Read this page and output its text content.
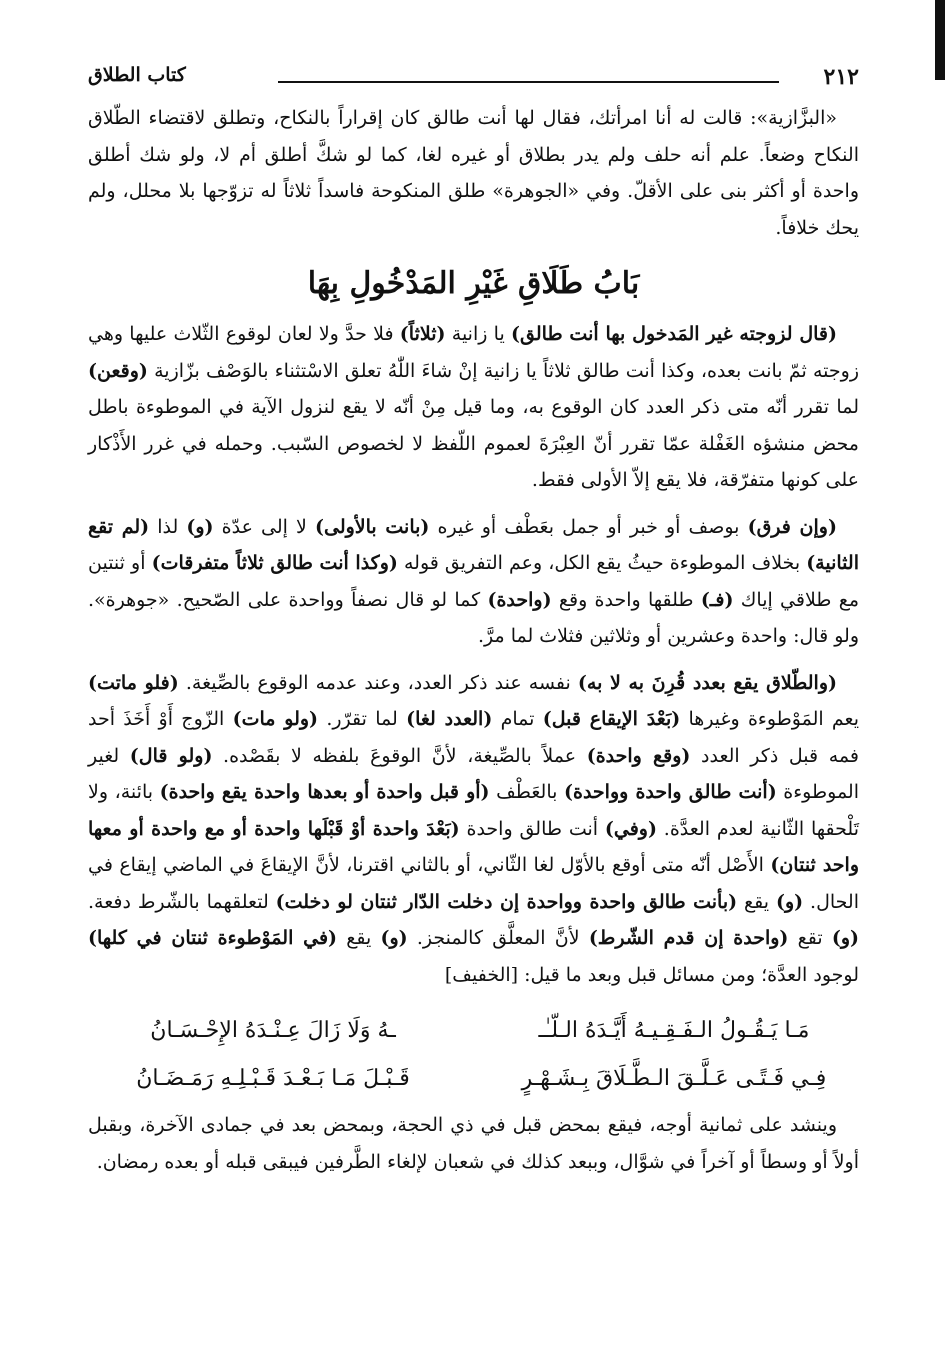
٢١٢
كتاب الطلاق

«البزَّازية»: قالت له أنا امرأتك، فقال لها أنت طالق كان إقراراً بالنكاح، وتطلق لاقتضاء الطّلاق النكاح وضعاً. علم أنه حلف ولم يدر بطلاق أو غيره لغا، كما لو شكَّ أطلق أم لا، ولو شك أطلق واحدة أو أكثر بنى على الأقلّ. وفي «الجوهرة» طلق المنكوحة فاسداً ثلاثاً له تزوّجها بلا محلل، ولم يحك خلافاً.

بَابُ طَلَاقِ غَيْرِ المَدْخُولِ بِهَا

(قال لزوجته غير المَدخول بها أنت طالق) يا زانية (ثلاثاً) فلا حدَّ ولا لعان لوقوع الثّلاث عليها وهي زوجته ثمّ بانت بعده، وكذا أنت طالق ثلاثاً يا زانية إنْ شاءَ اللّٰهُ تعلق الاسْتثناء بالوَصْف بزّازية (وقعن) لما تقرر أنّه متى ذكر العدد كان الوقوع به، وما قيل مِنْ أنّه لا يقع لنزول الآية في الموطوءة باطل محض منشؤه الغَفْلة عمّا تقرر أنّ العِبْرَةَ لعموم اللّفظ لا لخصوص السّبب. وحمله في غرر الأَذْكار على كونها متفرّقة، فلا يقع إلاّ الأولى فقط.

(وإن فرق) بوصف أو خبر أو جمل بعَطْف أو غيره (بانت بالأولى) لا إلى عدّة (و) لذا (لم تقع الثانية) بخلاف الموطوءة حيثُ يقع الكل، وعم التفريق قوله (وكذا أنت طالق ثلاثاً متفرقات) أو ثنتين مع طلاقي إياك (فـ) طلقها واحدة وقع (واحدة) كما لو قال نصفاً وواحدة على الصّحيح. «جوهرة». ولو قال: واحدة وعشرين أو وثلاثين فثلاث لما مرَّ.

(والطّلاق يقع بعدد قُرِنَ به لا به) نفسه عند ذكر العدد، وعند عدمه الوقوع بالصِّيغة. (فلو ماتت) يعم المَوْطوءة وغيرها (بَعْدَ الإيقاع قبل) تمام (العدد لغا) لما تقرّر. (ولو مات) الزّوج أَوْ أَخَذَ أحد فمه قبل ذكر العدد (وقع واحدة) عملاً بالصِّيغة، لأنَّ الوقوعَ بلفظه لا بقَصْده. (ولو قال) لغير الموطوءة (أنت طالق واحدة وواحدة) بالعَطْف (أو قبل واحدة أو بعدها واحدة يقع واحدة) بائنة، ولا تَلْحقها الثّانية لعدم العدَّة. (وفي) أنت طالق واحدة (بَعْدَ واحدة أوْ قَبْلَها واحدة أو مع واحدة أو معها واحد ثنتان) الأَصْل أنّه متى أوقع بالأوّل لغا الثّاني، أو بالثاني اقترنا، لأنَّ الإيقاعَ في الماضي إيقاع في الحال. (و) يقع (بأنت طالق واحدة وواحدة إن دخلت الدّار ثنتان لو دخلت) لتعلقهما بالشّرط دفعة. (و) تقع (واحدة إن قدم الشّرط) لأنَّ المعلَّق كالمنجز. (و) يقع (في المَوْطوءة ثنتان في كلها) لوجود العدَّة؛ ومن مسائل قبل وبعد ما قيل: [الخفيف]

مَـا يَـقُـولُ الـفَـقِـيـهُ أَيَّـدَهُ الـلّـٰـ
ـهُ وَلَا زَالَ عِـنْـدَهُ الإِحْـسَـانُ
فِـي فَـتًـى عَـلَّـقَ الـطَّـلَاقَ بِـشَـهْـرٍ
قَـبْـلَ مَـا بَـعْـدَ قَـبْـلِـهِ رَمَـضَـانُ

وينشد على ثمانية أوجه، فيقع بمحض قبل في ذي الحجة، وبمحض بعد في جمادى الآخرة، وبقبل أولاً أو وسطاً أو آخراً في شوَّال، وببعد كذلك في شعبان لإلغاء الطَّرفين فيبقى قبله أو بعده رمضان.
